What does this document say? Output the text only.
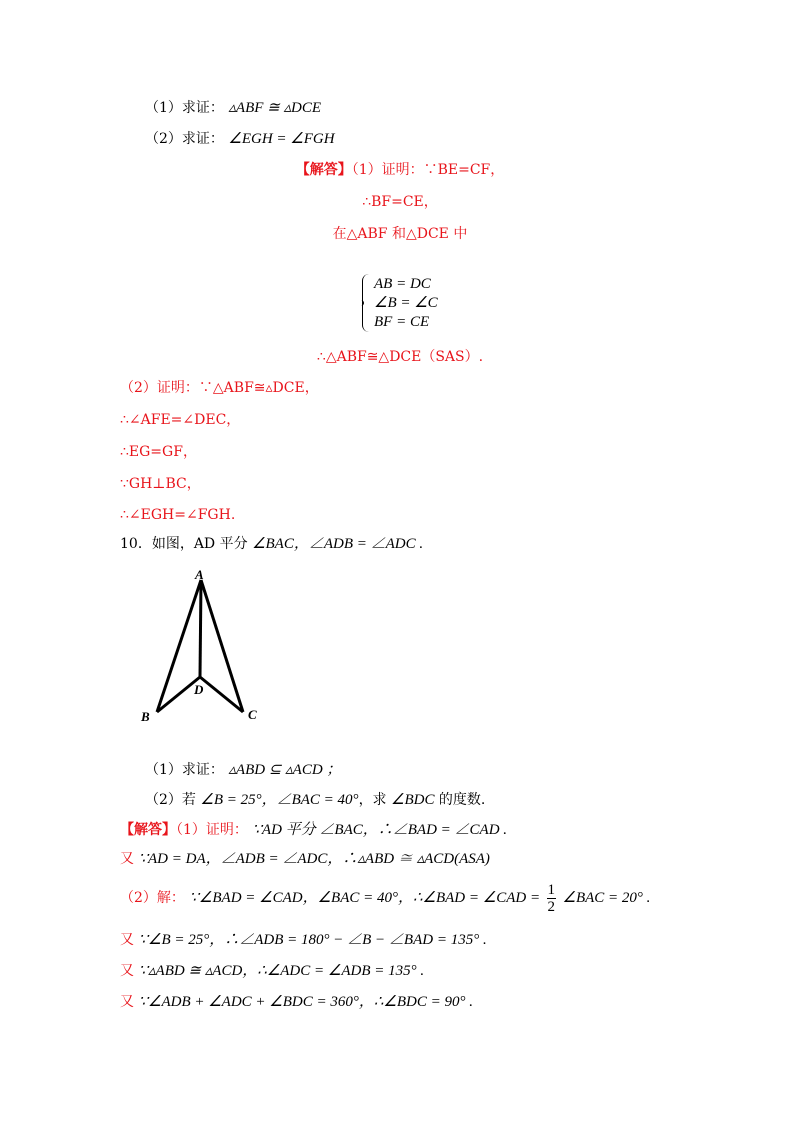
（1）求证： ▵ABF ≅ ▵DCE
（2）求证： ∠EGH = ∠FGH
【解答】（1）证明：∵BE=CF，
∴BF=CE，
在△ABF 和△DCE 中
AB = DC
∠B = ∠C
BF = CE
∴△ABF≅△DCE（SAS）.
（2）证明：∵△ABF≅▵DCE，
∴∠AFE=∠DEC，
∴EG=GF，
∵GH⊥BC，
∴∠EGH=∠FGH.
10．如图，AD 平分 ∠BAC，∠ADB = ∠ADC .
A
B	C
D
（1）求证： ▵ABD ⊆ ▵ACD ；
（2）若 ∠B = 25°，∠BAC = 40°，求 ∠BDC 的度数.
【解答】（1）证明： ∵AD 平分 ∠BAC，∴∠BAD = ∠CAD .
又 ∵AD = DA，∠ADB = ∠ADC，∴▵ABD ≅ ▵ACD(ASA)
（2）解： ∵∠BAD = ∠CAD，∠BAC = 40°，∴∠BAD = ∠CAD = $\frac{1}{2}$ ∠BAC = 20° .
又 ∵∠B = 25°，∴∠ADB = 180° − ∠B − ∠BAD = 135° .
又 ∵▵ABD ≅ ▵ACD，∴∠ADC = ∠ADB = 135° .
又 ∵∠ADB + ∠ADC + ∠BDC = 360°，∴∠BDC = 90° .
